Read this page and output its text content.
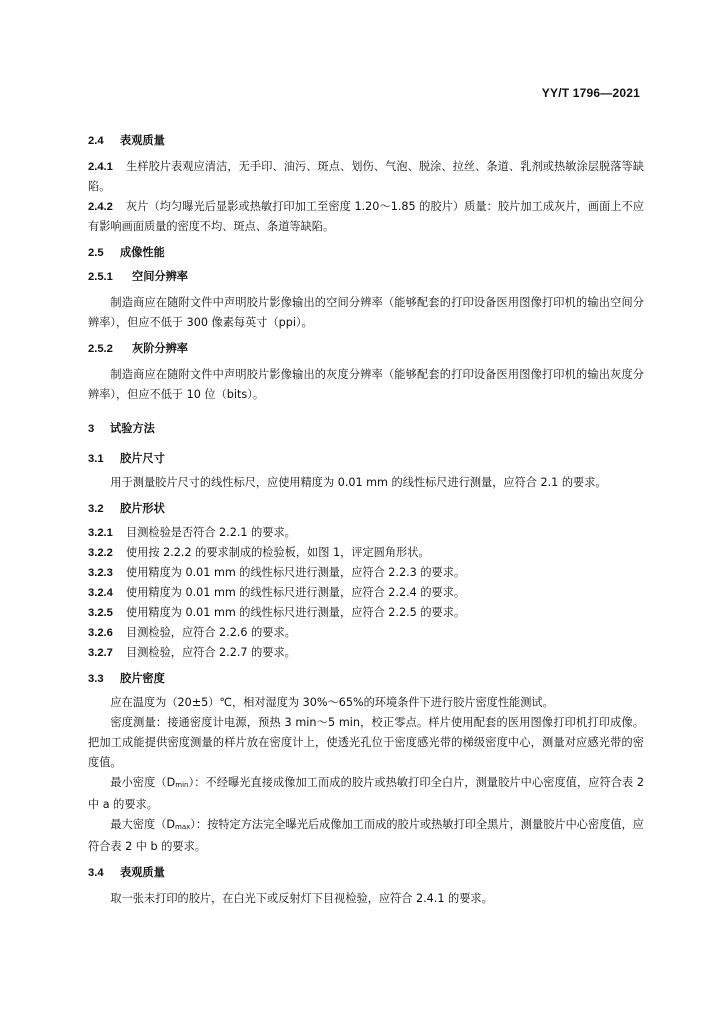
YY/T 1796—2021

2.4 表观质量

2.4.1 生样胶片表观应清洁，无手印、油污、斑点、划伤、气泡、脱涂、拉丝、条道、乳剂或热敏涂层脱落等缺陷。

2.4.2 灰片（均匀曝光后显影或热敏打印加工至密度 1.20～1.85 的胶片）质量：胶片加工成灰片，画面上不应有影响画面质量的密度不均、斑点、条道等缺陷。

2.5 成像性能

2.5.1 空间分辨率

制造商应在随附文件中声明胶片影像输出的空间分辨率（能够配套的打印设备医用图像打印机的输出空间分辨率），但应不低于 300 像素每英寸（ppi）。

2.5.2 灰阶分辨率

制造商应在随附文件中声明胶片影像输出的灰度分辨率（能够配套的打印设备医用图像打印机的输出灰度分辨率），但应不低于 10 位（bits）。

3 试验方法

3.1 胶片尺寸

用于测量胶片尺寸的线性标尺，应使用精度为 0.01 mm 的线性标尺进行测量，应符合 2.1 的要求。

3.2 胶片形状

3.2.1 目测检验是否符合 2.2.1 的要求。

3.2.2 使用按 2.2.2 的要求制成的检验板，如图 1，评定圆角形状。

3.2.3 使用精度为 0.01 mm 的线性标尺进行测量，应符合 2.2.3 的要求。

3.2.4 使用精度为 0.01 mm 的线性标尺进行测量，应符合 2.2.4 的要求。

3.2.5 使用精度为 0.01 mm 的线性标尺进行测量，应符合 2.2.5 的要求。

3.2.6 目测检验，应符合 2.2.6 的要求。

3.2.7 目测检验，应符合 2.2.7 的要求。

3.3 胶片密度

应在温度为（20±5）℃，相对湿度为 30%～65%的环境条件下进行胶片密度性能测试。

密度测量：接通密度计电源，预热 3 min～5 min，校正零点。样片使用配套的医用图像打印机打印成像。把加工成能提供密度测量的样片放在密度计上，使透光孔位于密度感光带的梯级密度中心，测量对应感光带的密度值。

最小密度（Dmin）：不经曝光直接成像加工而成的胶片或热敏打印全白片，测量胶片中心密度值，应符合表 2 中 a 的要求。

最大密度（Dmax）：按特定方法完全曝光后成像加工而成的胶片或热敏打印全黑片，测量胶片中心密度值，应符合表 2 中 b 的要求。

3.4 表观质量

取一张未打印的胶片，在白光下或反射灯下目视检验，应符合 2.4.1 的要求。
